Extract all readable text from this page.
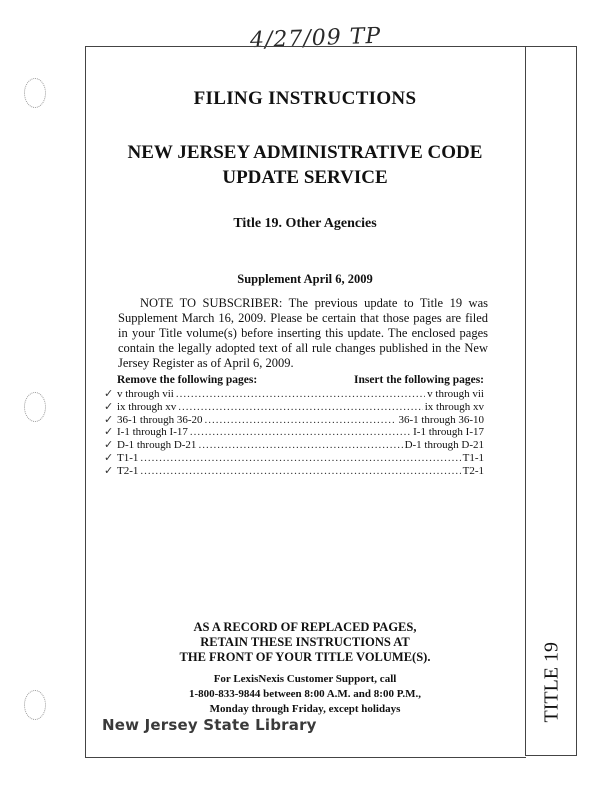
4/27/09 TP
TITLE 19
FILING INSTRUCTIONS
NEW JERSEY ADMINISTRATIVE CODE
UPDATE SERVICE
Title 19. Other Agencies
Supplement April 6, 2009
NOTE TO SUBSCRIBER: The previous update to Title 19 was Supplement March 16, 2009. Please be certain that those pages are filed in your Title volume(s) before inserting this update. The enclosed pages contain the legally adopted text of all rule changes published in the New Jersey Register as of April 6, 2009.
Remove the following pages:	Insert the following pages:
✓ v through vii .....	v through vii
✓ ix through xv .....	ix through xv
✓ 36-1 through 36-20 .....	36-1 through 36-10
✓ I-1 through I-17 .....	I-1 through I-17
✓ D-1 through D-21 .....	D-1 through D-21
✓ T1-1 .....	T1-1
✓ T2-1 .....	T2-1
AS A RECORD OF REPLACED PAGES,
RETAIN THESE INSTRUCTIONS AT
THE FRONT OF YOUR TITLE VOLUME(S).
For LexisNexis Customer Support, call
1-800-833-9844 between 8:00 A.M. and 8:00 P.M.,
Monday through Friday, except holidays
New Jersey State Library
